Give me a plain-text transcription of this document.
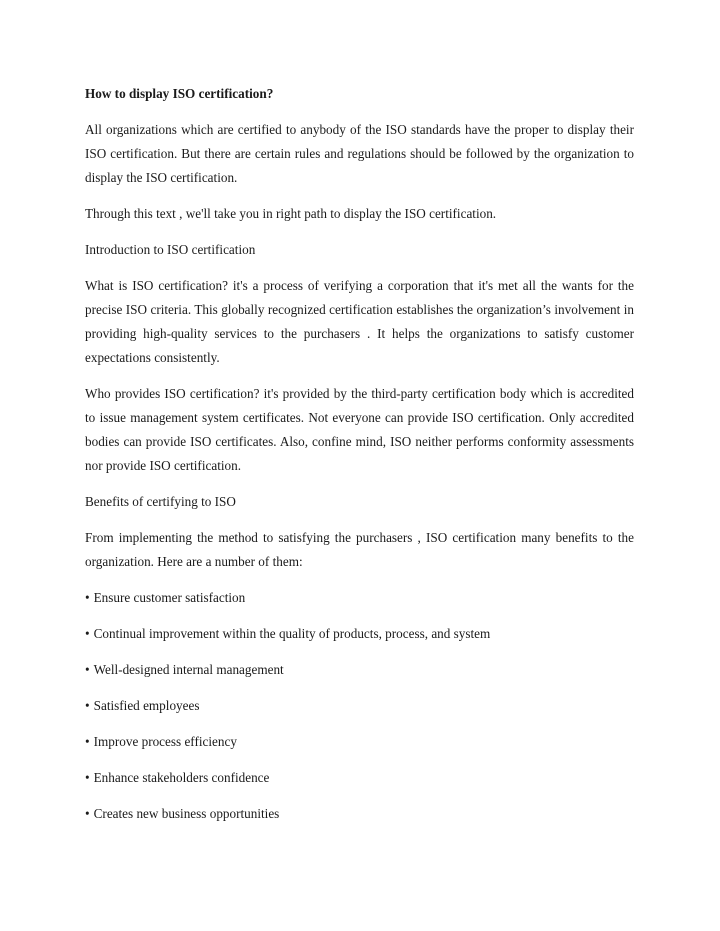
How to display ISO certification?

All organizations which are certified to anybody of the ISO standards have the proper to display their ISO certification. But there are certain rules and regulations should be followed by the organization to display the ISO certification.

Through this text , we'll take you in right path to display the ISO certification.

Introduction to ISO certification

What is ISO certification? it's a process of verifying a corporation that it's met all the wants for the precise ISO criteria. This globally recognized certification establishes the organization’s involvement in providing high-quality services to the purchasers . It helps the organizations to satisfy customer expectations consistently.

Who provides ISO certification? it's provided by the third-party certification body which is accredited to issue management system certificates. Not everyone can provide ISO certification. Only accredited bodies can provide ISO certificates. Also, confine mind, ISO neither performs conformity assessments nor provide ISO certification.

Benefits of certifying to ISO

From implementing the method to satisfying the purchasers , ISO certification many benefits to the organization. Here are a number of them:

• Ensure customer satisfaction
• Continual improvement within the quality of products, process, and system
• Well-designed internal management
• Satisfied employees
• Improve process efficiency
• Enhance stakeholders confidence
• Creates new business opportunities
